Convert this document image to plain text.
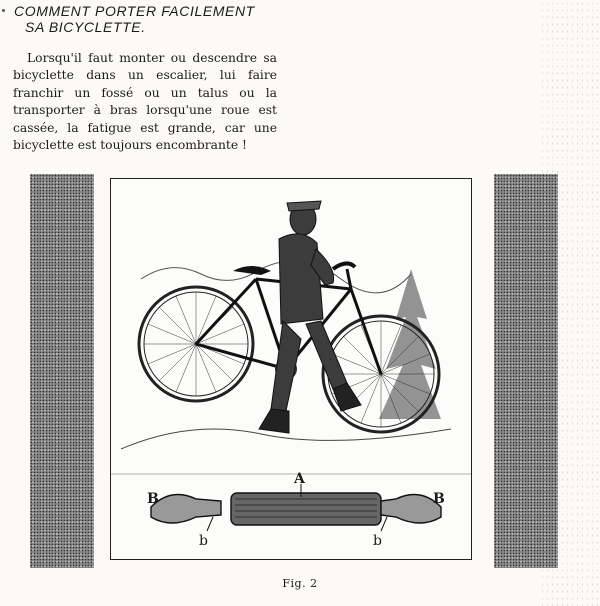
COMMENT PORTER FACILEMENT
SA BICYCLETTE.

Lorsqu'il faut monter ou descendre sa bicyclette dans un escalier, lui faire franchir un fossé ou un talus ou la transporter à bras lorsqu'une roue est cassée, la fatigue est grande, car une bicyclette est toujours encombrante !

A
B	B
b	b
Fig. 2
